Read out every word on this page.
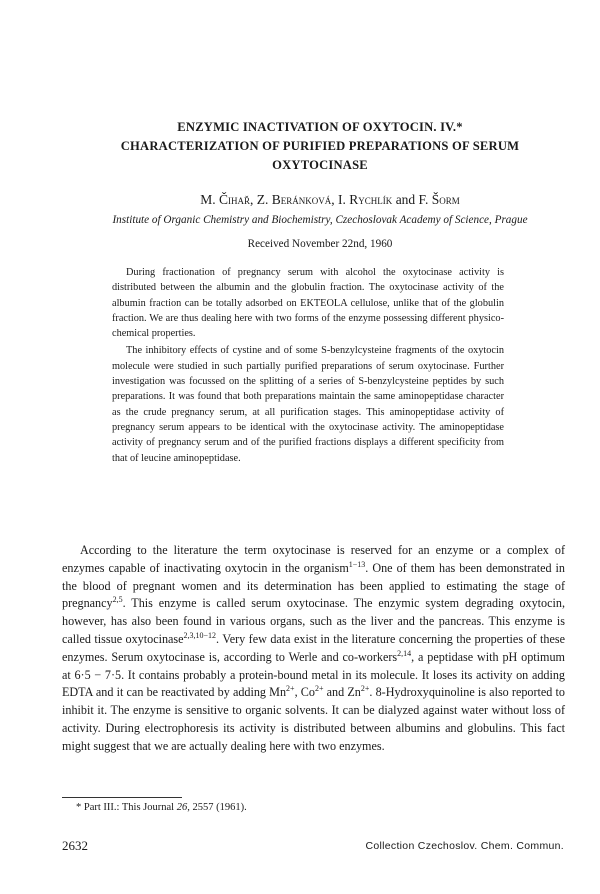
ENZYMIC INACTIVATION OF OXYTOCIN. IV.*
CHARACTERIZATION OF PURIFIED PREPARATIONS OF SERUM
OXYTOCINASE
M. Čihař, Z. Beránková, I. Rychlík and F. Šorm
Institute of Organic Chemistry and Biochemistry, Czechoslovak Academy of Science, Prague
Received November 22nd, 1960

During fractionation of pregnancy serum with alcohol the oxytocinase activity is distributed between the albumin and the globulin fraction. The oxytocinase activity of the albumin fraction can be totally adsorbed on EKTEOLA cellulose, unlike that of the globulin fraction. We are thus dealing here with two forms of the enzyme possessing different physico-chemical properties.

The inhibitory effects of cystine and of some S-benzylcysteine fragments of the oxytocin molecule were studied in such partially purified preparations of serum oxytocinase. Further investigation was focussed on the splitting of a series of S-benzylcysteine peptides by such preparations. It was found that both preparations maintain the same aminopeptidase character as the crude pregnancy serum, at all purification stages. This aminopeptidase activity of pregnancy serum appears to be identical with the oxytocinase activity. The aminopeptidase activity of pregnancy serum and of the purified fractions displays a different specificity from that of leucine aminopeptidase.

According to the literature the term oxytocinase is reserved for an enzyme or a complex of enzymes capable of inactivating oxytocin in the organism$^{1-13}$. One of them has been demonstrated in the blood of pregnant women and its determination has been applied to estimating the stage of pregnancy$^{2,5}$. This enzyme is called serum oxytocinase. The enzymic system degrading oxytocin, however, has also been found in various organs, such as the liver and the pancreas. This enzyme is called tissue oxytocinase$^{2,3,10-12}$. Very few data exist in the literature concerning the properties of these enzymes. Serum oxytocinase is, according to Werle and co-workers$^{2,14}$, a peptidase with pH optimum at 6·5 − 7·5. It contains probably a protein-bound metal in its molecule. It loses its activity on adding EDTA and it can be reactivated by adding $Mn^{2+}$, $Co^{2+}$ and $Zn^{2+}$. 8-Hydroxyquinoline is also reported to inhibit it. The enzyme is sensitive to organic solvents. It can be dialyzed against water without loss of activity. During electrophoresis its activity is distributed between albumins and globulins. This fact might suggest that we are actually dealing here with two enzymes.

* Part III.: This Journal 26, 2557 (1961).
2632	Collection Czechoslov. Chem. Commun.
